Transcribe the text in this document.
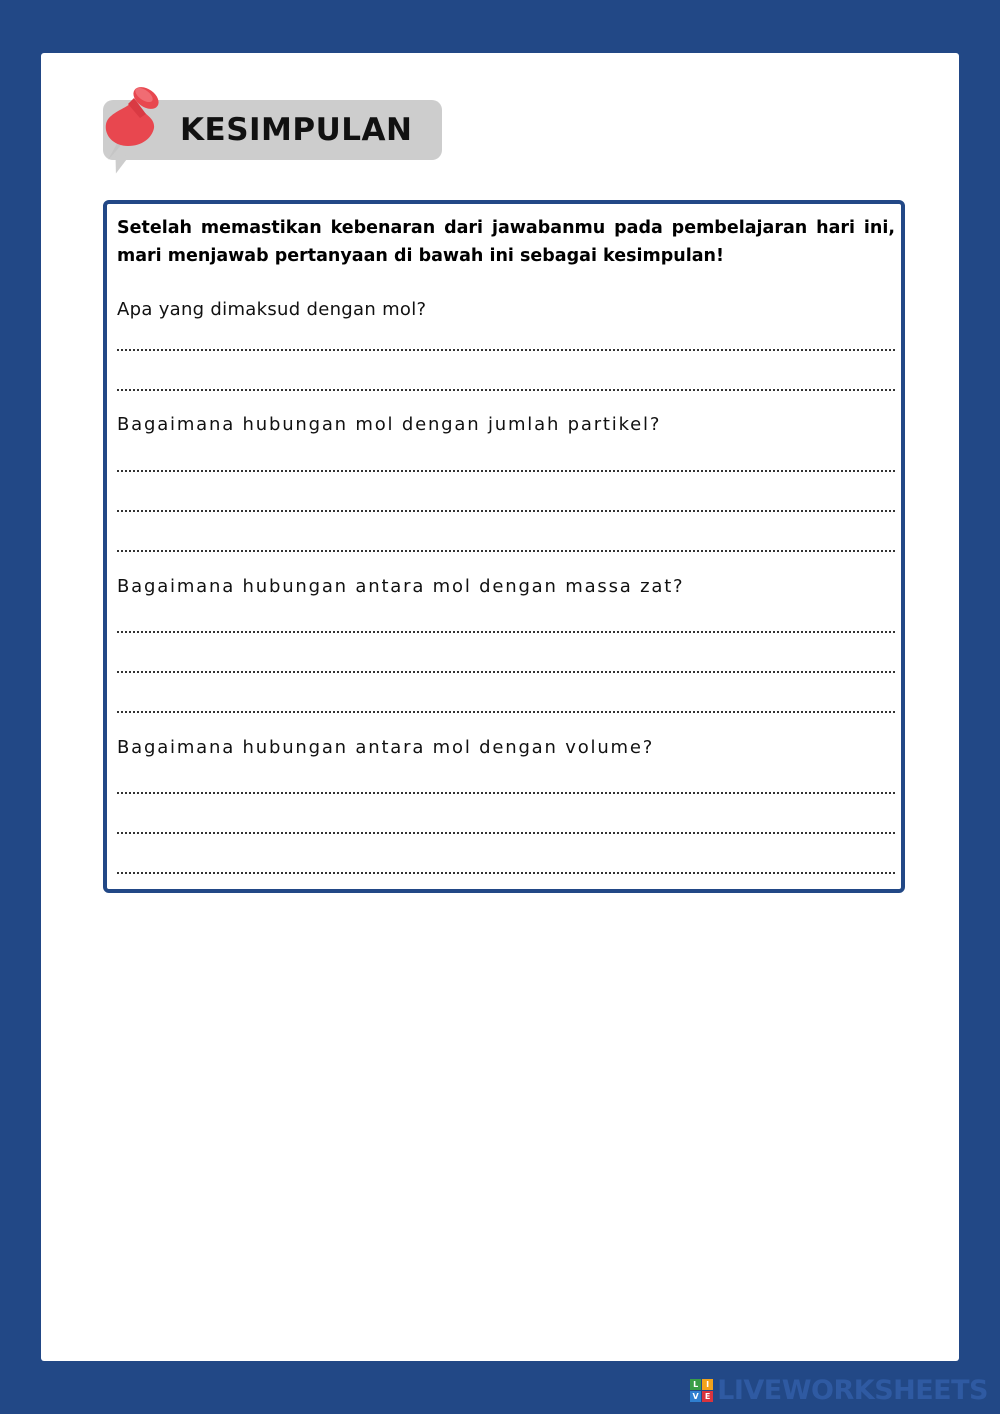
KESIMPULAN

Setelah memastikan kebenaran dari jawabanmu pada pembelajaran hari ini, mari menjawab pertanyaan di bawah ini sebagai kesimpulan!

Apa yang dimaksud dengan mol?

Bagaimana hubungan mol dengan jumlah partikel?

Bagaimana hubungan antara mol dengan massa zat?

Bagaimana hubungan antara mol dengan volume?

L I
V E LIVEWORKSHEETS
